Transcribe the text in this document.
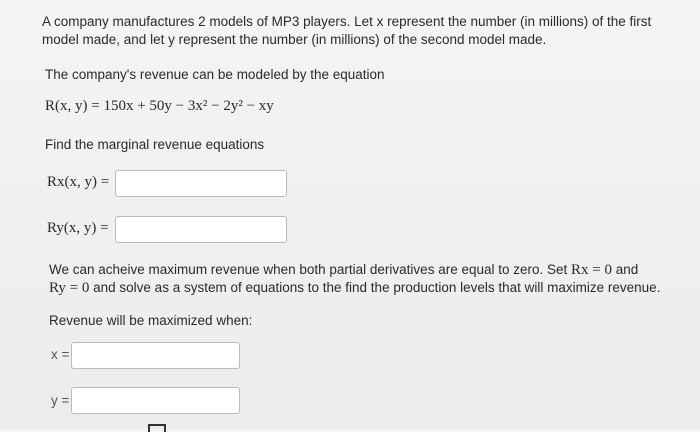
A company manufactures 2 models of MP3 players. Let x represent the number (in millions) of the first
model made, and let y represent the number (in millions) of the second model made.
The company's revenue can be modeled by the equation
R(x, y) = 150x + 50y − 3x² − 2y² − xy
Find the marginal revenue equations
Rx(x, y) =
Ry(x, y) =
We can acheive maximum revenue when both partial derivatives are equal to zero. Set Rx = 0 and
Ry = 0 and solve as a system of equations to the find the production levels that will maximize revenue.
Revenue will be maximized when:
x =
y =
